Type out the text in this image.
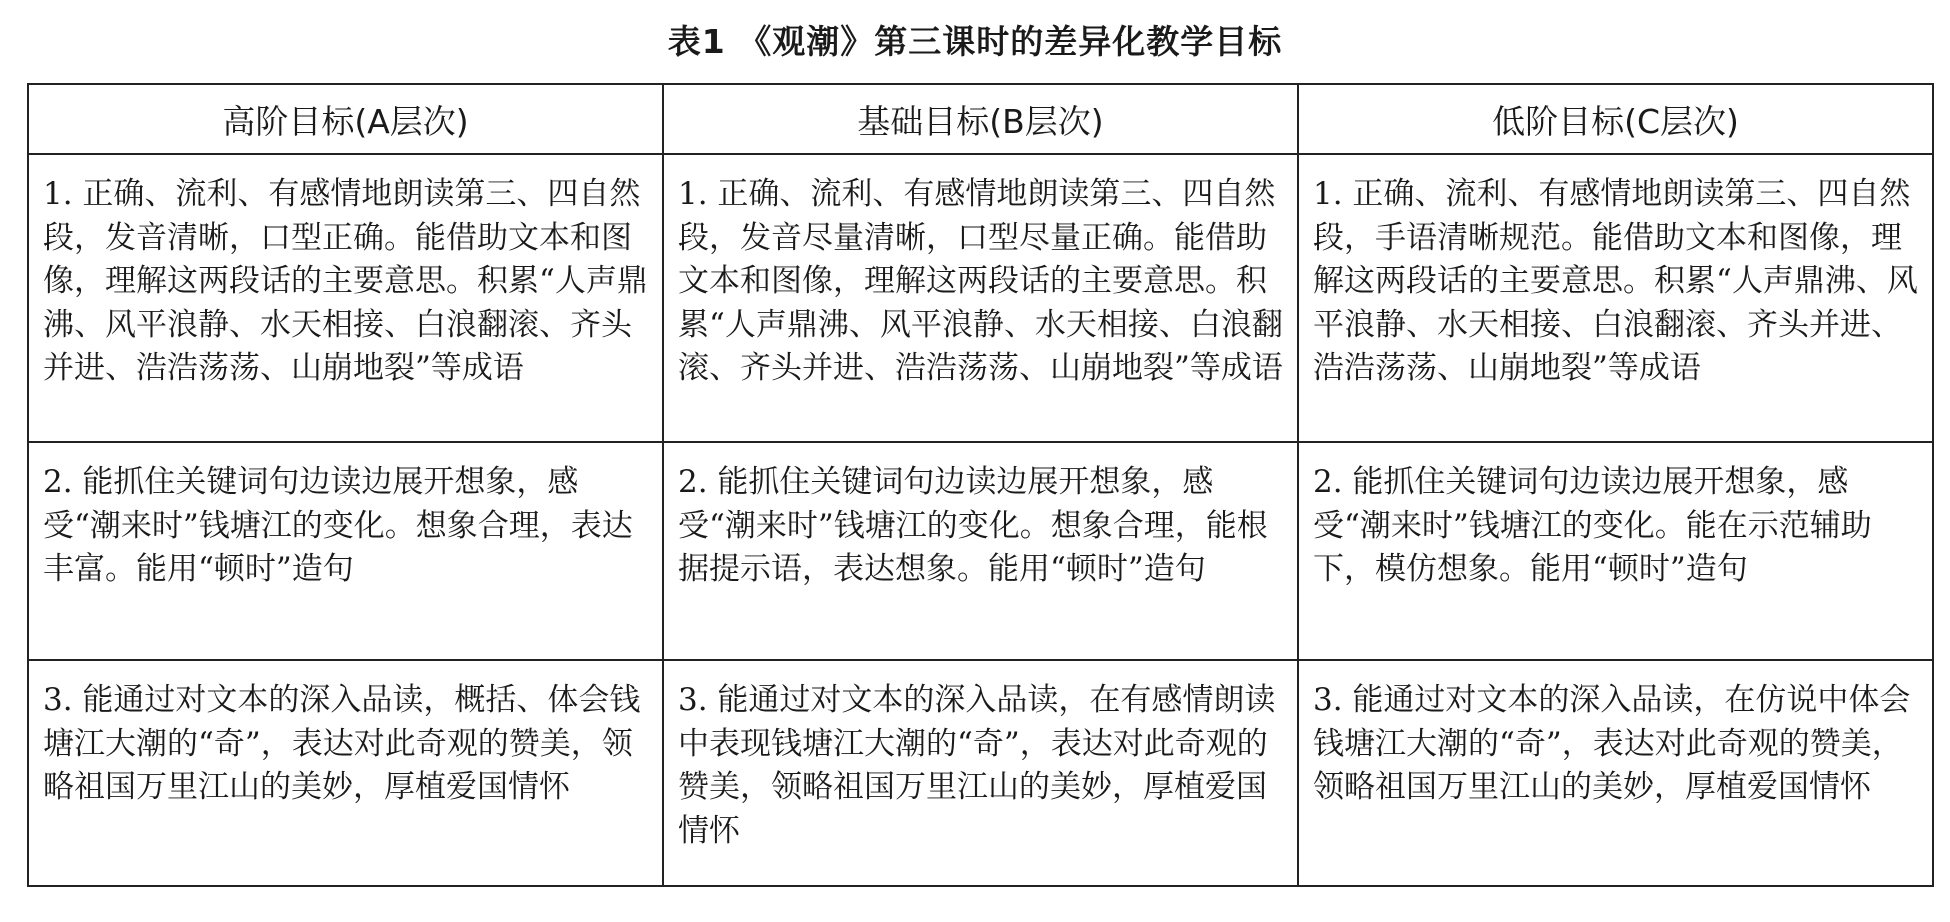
表1 《观潮》第三课时的差异化教学目标
高阶目标(A层次)	基础目标(B层次)	低阶目标(C层次)
1. 正确、流利、有感情地朗读第三、四自然段，发音清晰，口型正确。能借助文本和图像，理解这两段话的主要意思。积累“人声鼎沸、风平浪静、水天相接、白浪翻滚、齐头并进、浩浩荡荡、山崩地裂”等成语	1. 正确、流利、有感情地朗读第三、四自然段，发音尽量清晰，口型尽量正确。能借助文本和图像，理解这两段话的主要意思。积累“人声鼎沸、风平浪静、水天相接、白浪翻滚、齐头并进、浩浩荡荡、山崩地裂”等成语	1. 正确、流利、有感情地朗读第三、四自然段，手语清晰规范。能借助文本和图像，理解这两段话的主要意思。积累“人声鼎沸、风平浪静、水天相接、白浪翻滚、齐头并进、浩浩荡荡、山崩地裂”等成语
2. 能抓住关键词句边读边展开想象，感受“潮来时”钱塘江的变化。想象合理，表达丰富。能用“顿时”造句	2. 能抓住关键词句边读边展开想象，感受“潮来时”钱塘江的变化。想象合理，能根据提示语，表达想象。能用“顿时”造句	2. 能抓住关键词句边读边展开想象，感受“潮来时”钱塘江的变化。能在示范辅助下，模仿想象。能用“顿时”造句
3. 能通过对文本的深入品读，概括、体会钱塘江大潮的“奇”，表达对此奇观的赞美，领略祖国万里江山的美妙，厚植爱国情怀	3. 能通过对文本的深入品读，在有感情朗读中表现钱塘江大潮的“奇”，表达对此奇观的赞美，领略祖国万里江山的美妙，厚植爱国情怀	3. 能通过对文本的深入品读，在仿说中体会钱塘江大潮的“奇”，表达对此奇观的赞美，领略祖国万里江山的美妙，厚植爱国情怀
